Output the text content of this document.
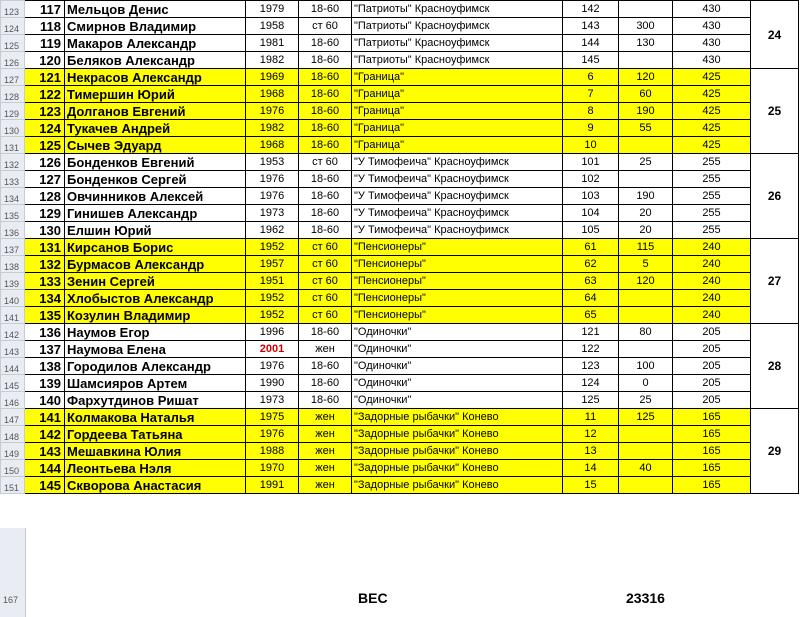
123	117	Мельцов Денис	1979	18-60	"Патриоты" Красноуфимск	142		430	24
124	118	Смирнов Владимир	1958	ст 60	"Патриоты" Красноуфимск	143	300	430	
125	119	Макаров Александр	1981	18-60	"Патриоты" Красноуфимск	144	130	430	
126	120	Беляков Александр	1982	18-60	"Патриоты" Красноуфимск	145		430	
127	121	Некрасов Александр	1969	18-60	"Граница"	6	120	425	25
128	122	Тимершин Юрий	1968	18-60	"Граница"	7	60	425	
129	123	Долганов Евгений	1976	18-60	"Граница"	8	190	425	
130	124	Тукачев Андрей	1982	18-60	"Граница"	9	55	425	
131	125	Сычев Эдуард	1968	18-60	"Граница"	10		425	
132	126	Бонденков Евгений	1953	ст 60	"У Тимофеича" Красноуфимск	101	25	255	26
133	127	Бонденков Сергей	1976	18-60	"У Тимофеича" Красноуфимск	102		255	
134	128	Овчинников Алексей	1976	18-60	"У Тимофеича" Красноуфимск	103	190	255	
135	129	Гинишев Александр	1973	18-60	"У Тимофеича" Красноуфимск	104	20	255	
136	130	Елшин Юрий	1962	18-60	"У Тимофеича" Красноуфимск	105	20	255	
137	131	Кирсанов Борис	1952	ст 60	"Пенсионеры"	61	115	240	27
138	132	Бурмасов Александр	1957	ст 60	"Пенсионеры"	62	5	240	
139	133	Зенин Сергей	1951	ст 60	"Пенсионеры"	63	120	240	
140	134	Хлобыстов Александр	1952	ст 60	"Пенсионеры"	64		240	
141	135	Козулин Владимир	1952	ст 60	"Пенсионеры"	65		240	
142	136	Наумов Егор	1996	18-60	"Одиночки"	121	80	205	28
143	137	Наумова Елена	2001	жен	"Одиночки"	122		205	
144	138	Городилов Александр	1976	18-60	"Одиночки"	123	100	205	
145	139	Шамсияров Артем	1990	18-60	"Одиночки"	124	0	205	
146	140	Фархутдинов Ришат	1973	18-60	"Одиночки"	125	25	205	
147	141	Колмакова Наталья	1975	жен	"Задорные рыбачки" Конево	11	125	165	29
148	142	Гордеева Татьяна	1976	жен	"Задорные рыбачки" Конево	12		165	
149	143	Мешавкина Юлия	1988	жен	"Задорные рыбачки" Конево	13		165	
150	144	Леонтьева Нэля	1970	жен	"Задорные рыбачки" Конево	14	40	165	
151	145	Скворова Анастасия	1991	жен	"Задорные рыбачки" Конево	15		165	
167	ВЕС	23316
